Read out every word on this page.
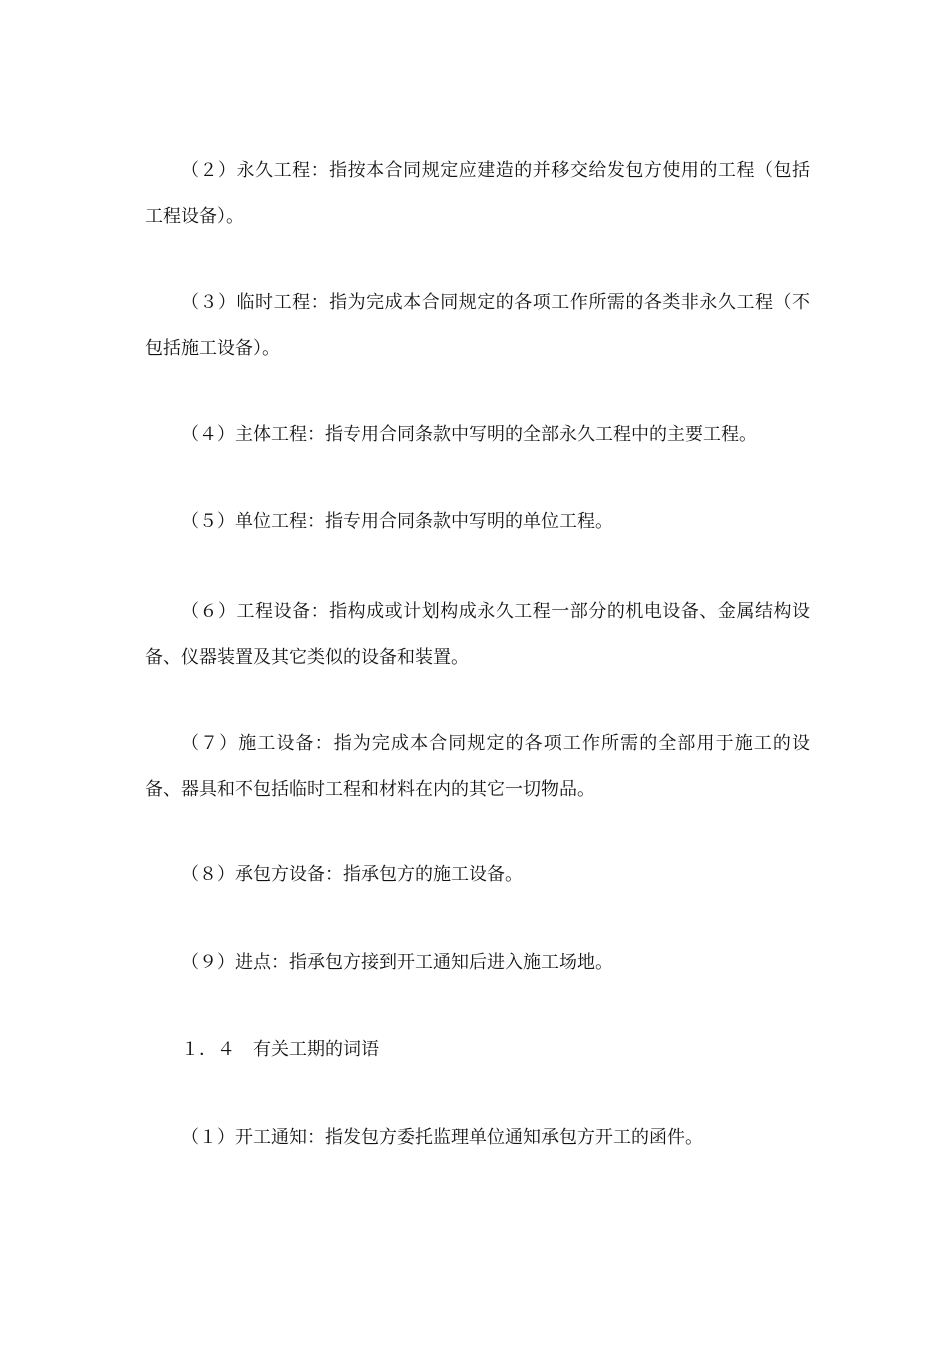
（２）永久工程：指按本合同规定应建造的并移交给发包方使用的工程（包括工程设备）。

（３）临时工程：指为完成本合同规定的各项工作所需的各类非永久工程（不包括施工设备）。

（４）主体工程：指专用合同条款中写明的全部永久工程中的主要工程。

（５）单位工程：指专用合同条款中写明的单位工程。

（６）工程设备：指构成或计划构成永久工程一部分的机电设备、金属结构设备、仪器装置及其它类似的设备和装置。

（７）施工设备：指为完成本合同规定的各项工作所需的全部用于施工的设备、器具和不包括临时工程和材料在内的其它一切物品。

（８）承包方设备：指承包方的施工设备。

（９）进点：指承包方接到开工通知后进入施工场地。

１．４　有关工期的词语

（１）开工通知：指发包方委托监理单位通知承包方开工的函件。
